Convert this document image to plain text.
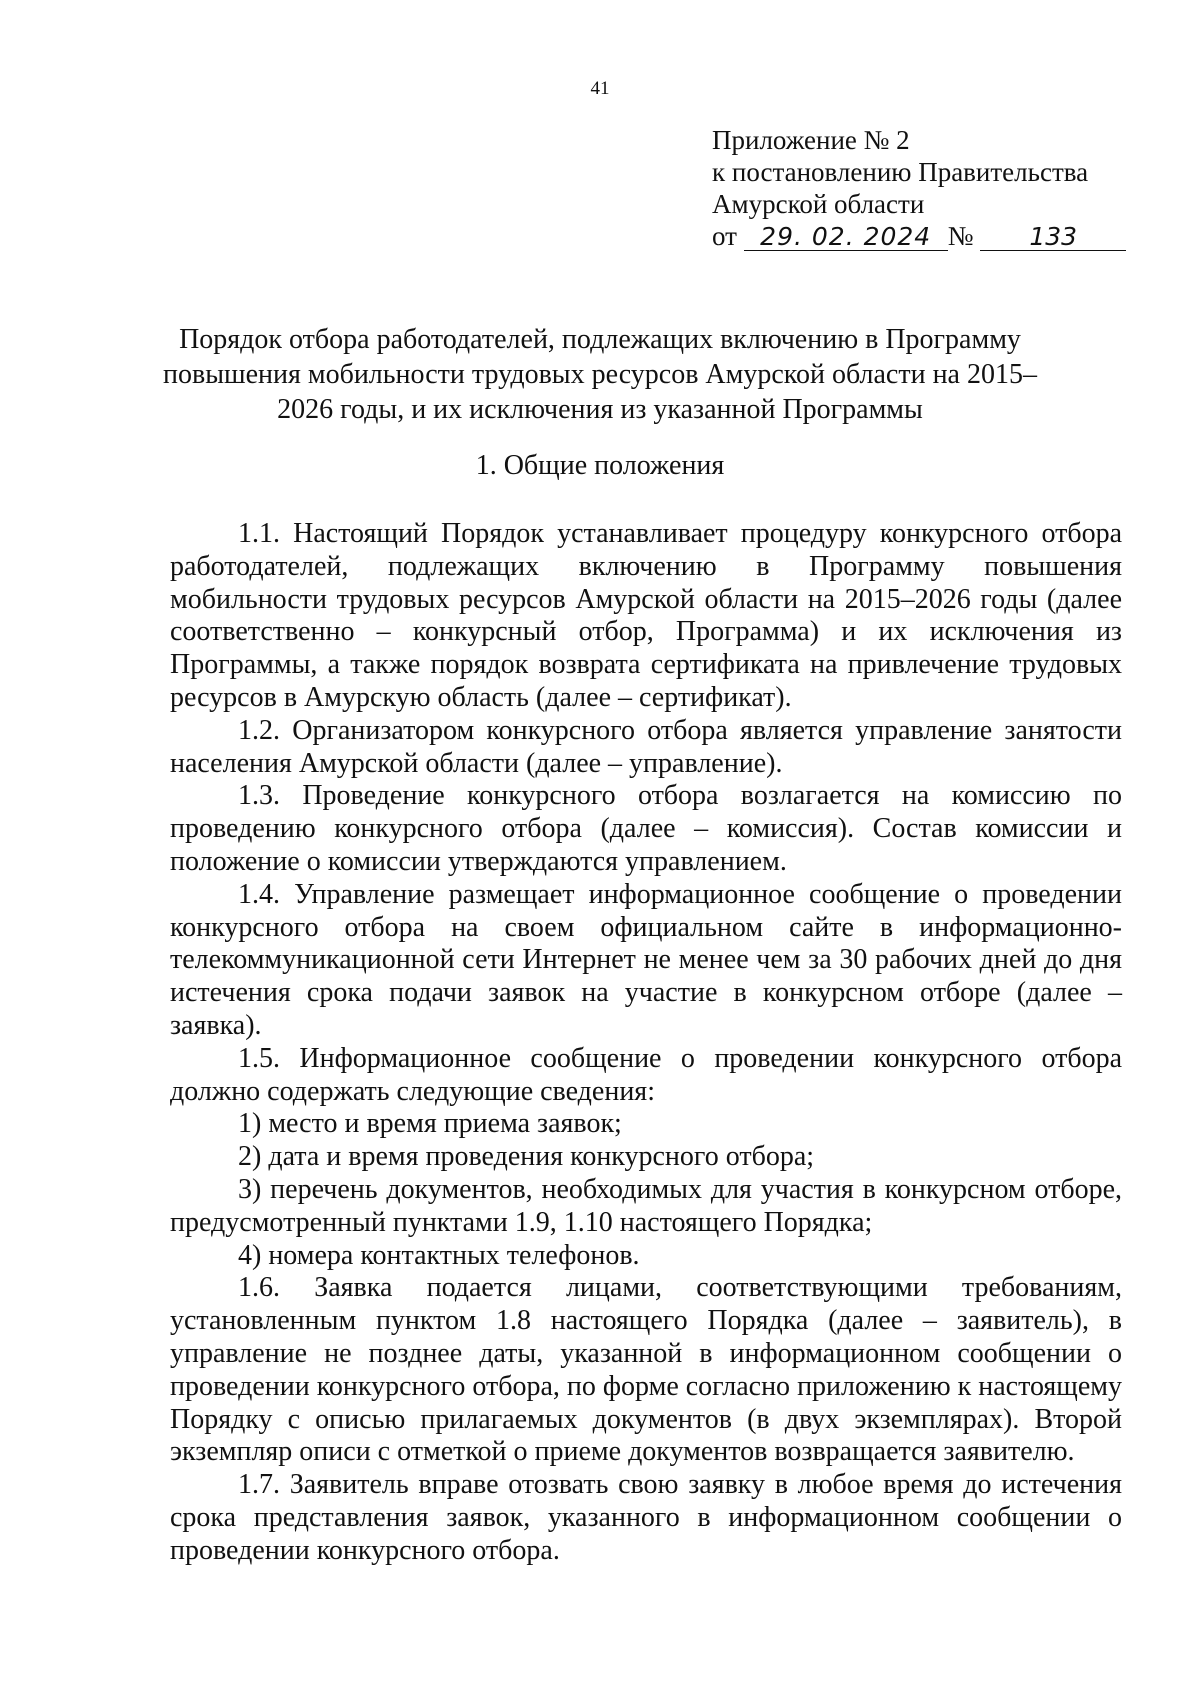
41
Приложение № 2
к постановлению Правительства
Амурской области
от 29. 02. 2024 № 133
Порядок отбора работодателей, подлежащих включению в Программу повышения мобильности трудовых ресурсов Амурской области на 2015–2026 годы, и их исключения из указанной Программы
1. Общие положения

1.1. Настоящий Порядок устанавливает процедуру конкурсного отбора работодателей, подлежащих включению в Программу повышения мобильности трудовых ресурсов Амурской области на 2015–2026 годы (далее соответственно – конкурсный отбор, Программа) и их исключения из Программы, а также порядок возврата сертификата на привлечение трудовых ресурсов в Амурскую область (далее – сертификат).

1.2. Организатором конкурсного отбора является управление занятости населения Амурской области (далее – управление).

1.3. Проведение конкурсного отбора возлагается на комиссию по проведению конкурсного отбора (далее – комиссия). Состав комиссии и положение о комиссии утверждаются управлением.

1.4. Управление размещает информационное сообщение о проведении конкурсного отбора на своем официальном сайте в информационно-телекоммуникационной сети Интернет не менее чем за 30 рабочих дней до дня истечения срока подачи заявок на участие в конкурсном отборе (далее – заявка).

1.5. Информационное сообщение о проведении конкурсного отбора должно содержать следующие сведения:

1) место и время приема заявок;

2) дата и время проведения конкурсного отбора;

3) перечень документов, необходимых для участия в конкурсном отборе, предусмотренный пунктами 1.9, 1.10 настоящего Порядка;

4) номера контактных телефонов.

1.6. Заявка подается лицами, соответствующими требованиям, установленным пунктом 1.8 настоящего Порядка (далее – заявитель), в управление не позднее даты, указанной в информационном сообщении о проведении конкурсного отбора, по форме согласно приложению к настоящему Порядку с описью прилагаемых документов (в двух экземплярах). Второй экземпляр описи с отметкой о приеме документов возвращается заявителю.

1.7. Заявитель вправе отозвать свою заявку в любое время до истечения срока представления заявок, указанного в информационном сообщении о проведении конкурсного отбора.
